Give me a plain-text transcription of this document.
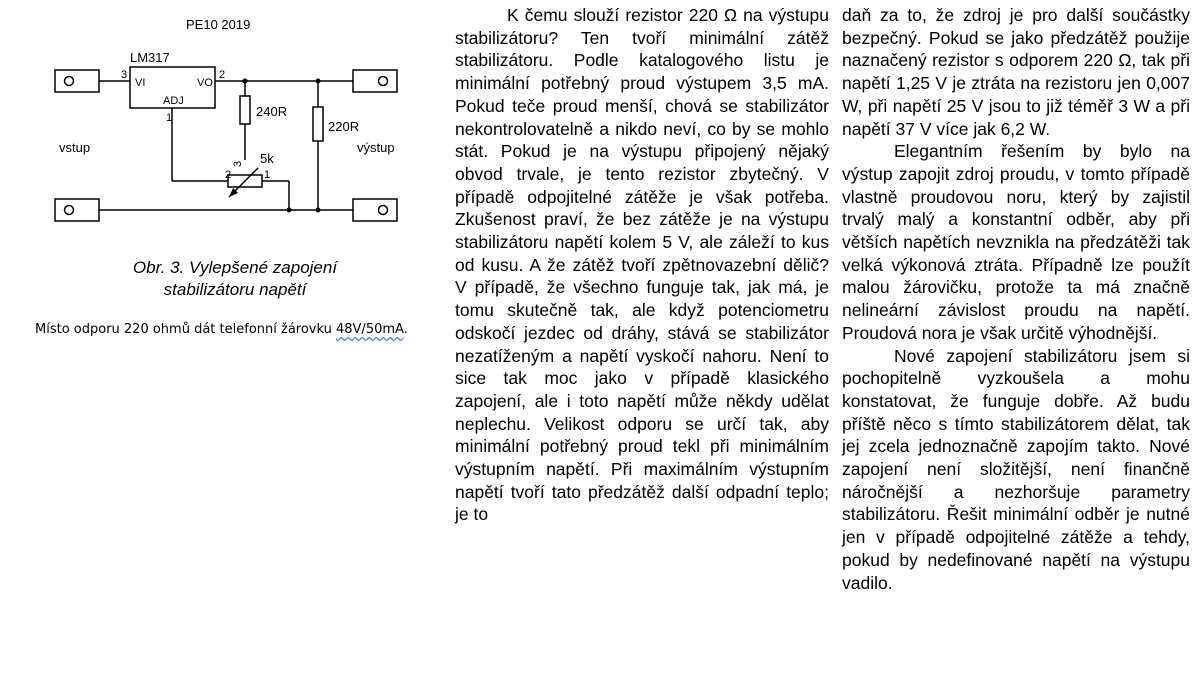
PE10 2019
LM317
VI	VO
ADJ
3	2
1	240R
220R
5k
2	1
3
vstup	výstup
Obr. 3. Vylepšené zapojení
stabilizátoru napětí
Místo odporu 220 ohmů dát telefonní žárovku 48V/50mA.

K čemu slouží rezistor 220 Ω na výstupu stabilizátoru? Ten tvoří minimální zátěž stabilizátoru. Podle katalogového listu je minimální potřebný proud výstupem 3,5 mA. Pokud teče proud menší, chová se stabilizátor nekontrolovatelně a nikdo neví, co by se mohlo stát. Pokud je na výstupu připojený nějaký obvod trvale, je tento rezistor zbytečný. V případě odpojitelné zátěže je však potřeba. Zkušenost praví, že bez zátěže je na výstupu stabilizátoru napětí kolem 5 V, ale záleží to kus od kusu. A že zátěž tvoří zpětnovazební dělič? V případě, že všechno funguje tak, jak má, je tomu skutečně tak, ale když potenciometru odskočí jezdec od dráhy, stává se stabilizátor nezatíženým a napětí vyskočí nahoru. Není to sice tak moc jako v případě klasického zapojení, ale i toto napětí může někdy udělat neplechu. Velikost odporu se určí tak, aby minimální potřebný proud tekl při minimálním výstupním napětí. Při maximálním výstupním napětí tvoří tato předzátěž další odpadní teplo; je to

daň za to, že zdroj je pro další součástky bezpečný. Pokud se jako předzátěž použije naznačený rezistor s odporem 220 Ω, tak při napětí 1,25 V je ztráta na rezistoru jen 0,007 W, při napětí 25 V jsou to již téměř 3 W a při napětí 37 V více jak 6,2 W.

Elegantním řešením by bylo na výstup zapojit zdroj proudu, v tomto případě vlastně proudovou noru, který by zajistil trvalý malý a konstantní odběr, aby při větších napětích nevznikla na předzátěži tak velká výkonová ztráta. Případně lze použít malou žárovičku, protože ta má značně nelineární závislost proudu na napětí. Proudová nora je však určitě výhodnější.

Nové zapojení stabilizátoru jsem si pochopitelně vyzkoušela a mohu konstatovat, že funguje dobře. Až budu příště něco s tímto stabilizátorem dělat, tak jej zcela jednoznačně zapojím takto. Nové zapojení není složitější, není finančně náročnější a nezhoršuje parametry stabilizátoru. Řešit minimální odběr je nutné jen v případě odpojitelné zátěže a tehdy, pokud by nedefinované napětí na výstupu vadilo.
